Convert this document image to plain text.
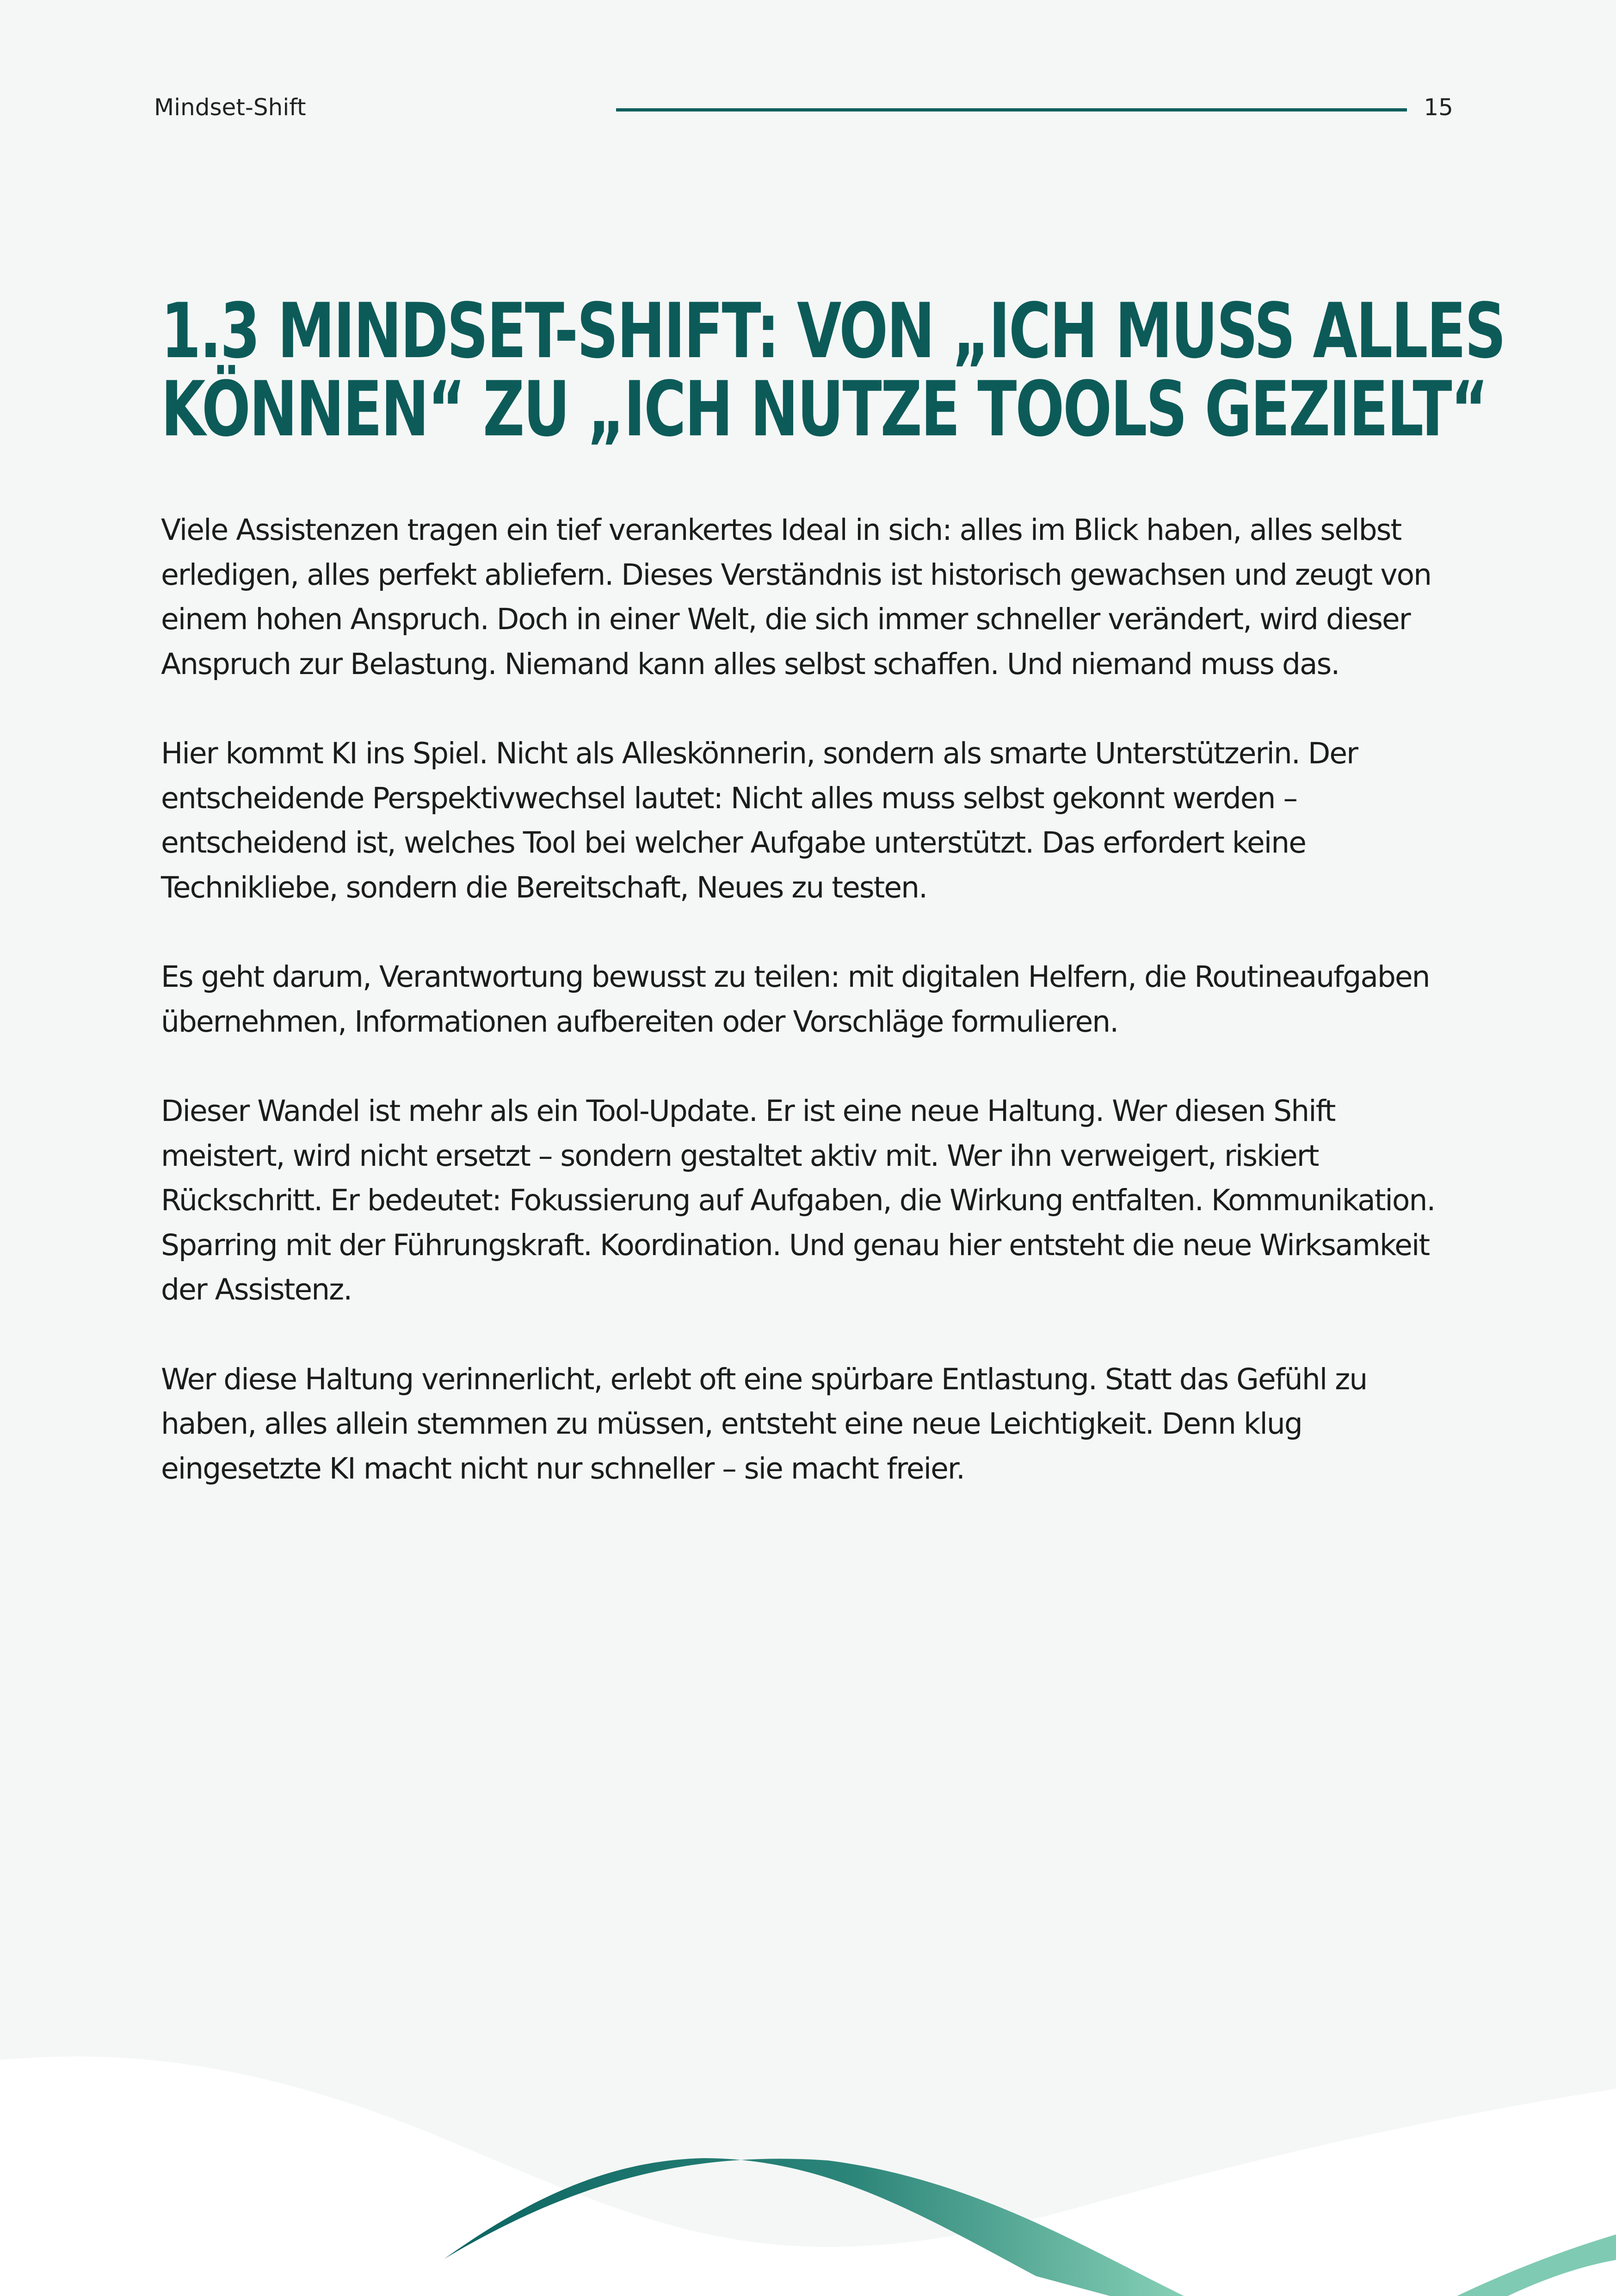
Mindset-Shift	15
1.3 MINDSET-SHIFT: VON „ICH MUSS ALLES
KÖNNEN“ ZU „ICH NUTZE TOOLS GEZIELT“

Viele Assistenzen tragen ein tief verankertes Ideal in sich: alles im Blick haben, alles selbst erledigen, alles perfekt abliefern. Dieses Verständnis ist historisch gewachsen und zeugt von einem hohen Anspruch. Doch in einer Welt, die sich immer schneller verändert, wird dieser Anspruch zur Belastung. Niemand kann alles selbst schaffen. Und niemand muss das.

Hier kommt KI ins Spiel. Nicht als Alleskönnerin, sondern als smarte Unterstützerin. Der entscheidende Perspektivwechsel lautet: Nicht alles muss selbst gekonnt werden – entscheidend ist, welches Tool bei welcher Aufgabe unterstützt. Das erfordert keine Technikliebe, sondern die Bereitschaft, Neues zu testen.

Es geht darum, Verantwortung bewusst zu teilen: mit digitalen Helfern, die Routineaufgaben übernehmen, Informationen aufbereiten oder Vorschläge formulieren.

Dieser Wandel ist mehr als ein Tool-Update. Er ist eine neue Haltung. Wer diesen Shift meistert, wird nicht ersetzt – sondern gestaltet aktiv mit. Wer ihn verweigert, riskiert Rückschritt. Er bedeutet: Fokussierung auf Aufgaben, die Wirkung entfalten. Kommunikation. Sparring mit der Führungskraft. Koordination. Und genau hier entsteht die neue Wirksamkeit der Assistenz.

Wer diese Haltung verinnerlicht, erlebt oft eine spürbare Entlastung. Statt das Gefühl zu haben, alles allein stemmen zu müssen, entsteht eine neue Leichtigkeit. Denn klug eingesetzte KI macht nicht nur schneller – sie macht freier.
